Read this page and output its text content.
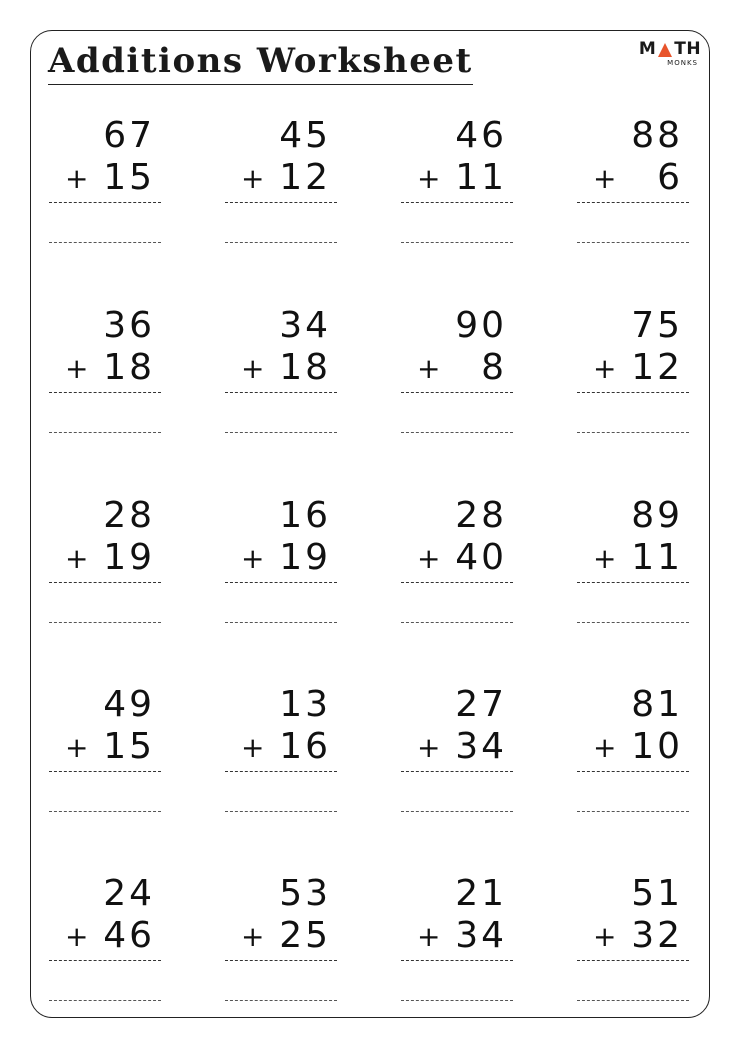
Additions Worksheet	M TH
MONKS
67
+ 15
45
+ 12
46
+ 11
88
+ 6
36
+ 18
34
+ 18
90
+ 8
75
+ 12
28
+ 19
16
+ 19
28
+ 40
89
+ 11
49
+ 15
13
+ 16
27
+ 34
81
+ 10
24
+ 46
53
+ 25
21
+ 34
51
+ 32
